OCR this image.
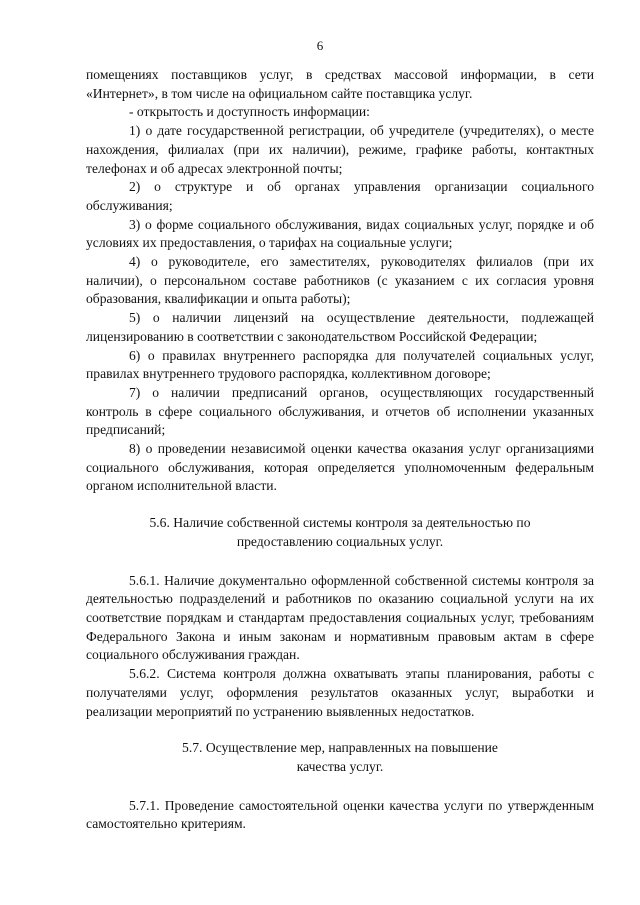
6

помещениях поставщиков услуг, в средствах массовой информации, в сети «Интернет», в том числе на официальном сайте поставщика услуг.

- открытость и доступность информации:

1) о дате государственной регистрации, об учредителе (учредителях), о месте нахождения, филиалах (при их наличии), режиме, графике работы, контактных телефонах и об адресах электронной почты;

2) о структуре и об органах управления организации социального обслуживания;

3) о форме социального обслуживания, видах социальных услуг, порядке и об условиях их предоставления, о тарифах на социальные услуги;

4) о руководителе, его заместителях, руководителях филиалов (при их наличии), о персональном составе работников (с указанием с их согласия уровня образования, квалификации и опыта работы);

5) о наличии лицензий на осуществление деятельности, подлежащей лицензированию в соответствии с законодательством Российской Федерации;

6) о правилах внутреннего распорядка для получателей социальных услуг, правилах внутреннего трудового распорядка, коллективном договоре;

7) о наличии предписаний органов, осуществляющих государственный контроль в сфере социального обслуживания, и отчетов об исполнении указанных предписаний;

8) о проведении независимой оценки качества оказания услуг организациями социального обслуживания, которая определяется уполномоченным федеральным органом исполнительной власти.

5.6. Наличие собственной системы контроля за деятельностью по

предоставлению социальных услуг.

5.6.1. Наличие документально оформленной собственной системы контроля за деятельностью подразделений и работников по оказанию социальной услуги на их соответствие порядкам и стандартам предоставления социальных услуг, требованиям Федерального Закона и иным законам и нормативным правовым актам в сфере социального обслуживания граждан.

5.6.2. Система контроля должна охватывать этапы планирования, работы с получателями услуг, оформления результатов оказанных услуг, выработки и реализации мероприятий по устранению выявленных недостатков.

5.7. Осуществление мер, направленных на повышение

качества услуг.

5.7.1. Проведение самостоятельной оценки качества услуги по утвержденным самостоятельно критериям.
